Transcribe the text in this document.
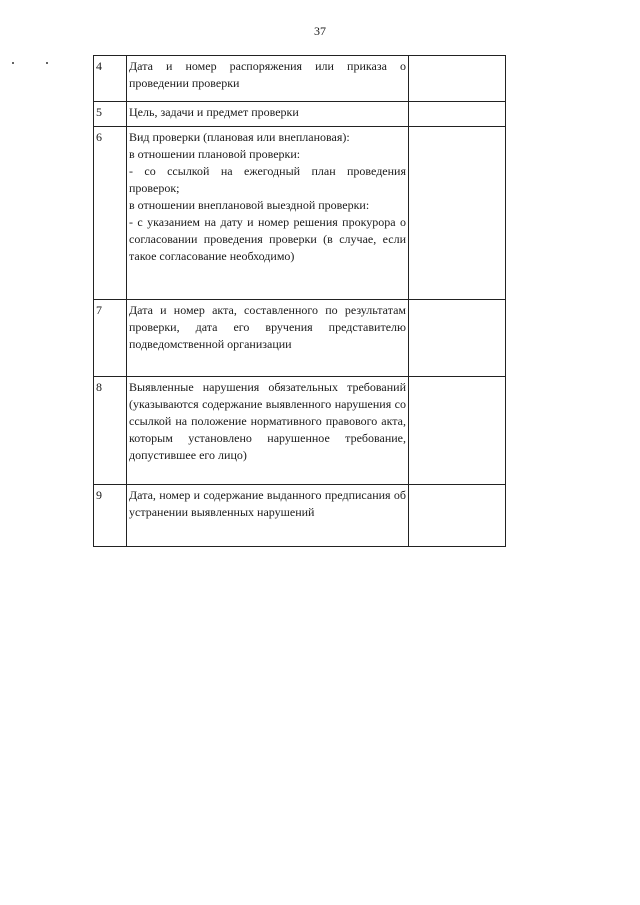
37
4	Дата и номер распоряжения или приказа о проведении проверки	
5	Цель, задачи и предмет проверки	
6	Вид проверки (плановая или внеплановая):
в отношении плановой проверки:
- со ссылкой на ежегодный план проведения проверок;
в отношении внеплановой выездной проверки:
- с указанием на дату и номер решения прокурора о согласовании проведения проверки (в случае, если такое согласование необходимо)	

7	Дата и номер акта, составленного по результатам проверки, дата его вручения представителю подведомственной организации	
8	Выявленные нарушения обязательных требований (указываются содержание выявленного нарушения со ссылкой на положение нормативного правового акта, которым установлено нарушенное требование, допустившее его лицо)	
9	Дата, номер и содержание выданного предписания об устранении выявленных нарушений	
